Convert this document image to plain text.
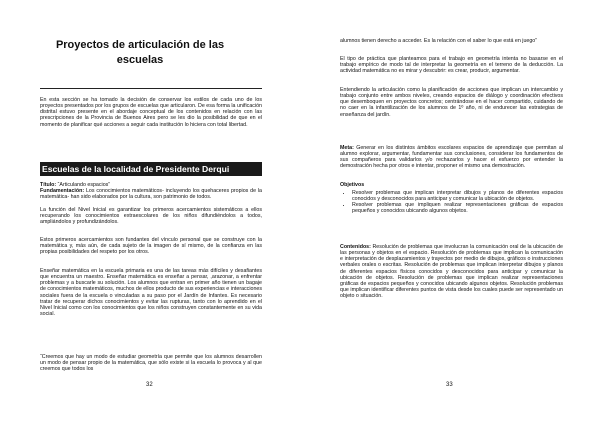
Proyectos de articulación de las escuelas

En esta sección se ha tomado la decisión de conservar los estilos de cada uno de los proyectos presentados por los grupos de escuelas que articularon. De esa forma la unificación distrital estuvo presente en el abordaje conceptual de los contenidos en relación con las prescripciones de la Provincia de Buenos Aires pero se les dio la posibilidad de que en el momento de planificar qué acciones a seguir cada institución lo hiciera con total libertad.

Escuelas de la localidad de Presidente Derqui

Título: “Articulando espacios”

Fundamentación: Los conocimientos matemáticos- incluyendo los quehaceres propios de la matemática- han sido elaborados por la cultura, son patrimonio de todos.

La función del Nivel Inicial es garantizar los primeros acercamientos sistemáticos a ellos recuperando los conocimientos extraescolares de los niños difundiéndolos a todos, ampliándolos y profundizándolos.

Estos primeros acercamientos son fundantes del vínculo personal que se construye con la matemática y, más aún, de cada sujeto de la imagen de sí mismo, de la confianza en las propias posibilidades del respeto por los otros.

Enseñar matemática en la escuela primaria es una de las tareas más difíciles y desafiantes que encuentra un maestro. Enseñar matemática es enseñar a pensar, ,arazonar, a enfrentar problemas y a buscarle su solución. Los alumnos que entran en primer año tienen un bagaje de conocimientos matemáticos, muchos de ellos producto de sus experiencias e interacciones sociales fuera de la escuela o vinculadas a su paso por el Jardín de Infantes. Es necesario tratar de recuperar dichos conocimientos y evitar las rupturas, tanto con lo aprendido en el Nivel Inicial como con los conocimientos que los niños construyen constantemente en su vida social.

“Creemos que hay un modo de estudiar geometría que permite que los alumnos desarrollen un modo de pensar propio de la matemática, que sólo existe si la escuela lo provoca y al que creemos que todos los

32

alumnos tienen derecho a acceder. Es la relación con el saber lo que está en juego”

El tipo de práctica que planteamos para el trabajo en geometría intenta no basarse en el trabajo empírico de modo tal de interpretar la geometría en el terreno de la deducción. La actividad matemática no es mirar y descubrir: es crear, producir, argumentar.

Entendiendo la articulación como la planificación de acciones que implican un intercambio y trabajo conjunto entre ambos niveles, creando espacios de diálogo y coordinación efectivos que desemboquen en proyectos concretos; centrándose en el hacer compartido, cuidando de no caer en la infantilización de los alumnos de 1º año, ni de endurecer las estrategias de enseñanza del jardín.

Meta: Generar en los distintos ámbitos escolares espacios de aprendizaje que permitan al alumno explorar, argumentar, fundamentar sus conclusiones, considerar los fundamentos de sus compañeros para validarlos y/o rechazarlos y hacer el esfuerzo por entender la demostración hecha por otros e intentar, proponer el mismo una demostración.

Objetivos

• Resolver problemas que implican interpretar dibujos y planos de diferentes espacios conocidos y desconocidos para anticipar y comunicar la ubicación de objetos.
• Resolver problemas que impliquen realizar representaciones gráficas de espacios pequeños y conocidos ubicando algunos objetos.

Contenidos: Resolución de problemas que involucran la comunicación oral de la ubicación de las personas y objetos en el espacio. Resolución de problemas que implican la comunicación e interpretación de desplazamientos y trayectos por medio de dibujos, gráficos o instrucciones verbales orales o escritas. Resolución de problemas que implican interpretar dibujos y planos de diferentes espacios físicos conocidos y desconocidos para anticipar y comunicar la ubicación de objetos. Resolución de problemas que implican realizar representaciones gráficas de espacios pequeños y conocidos ubicando algunos objetos. Resolución problemas que implican identificar diferentes puntos de vista desde los cuales puede ser representado un objeto o situación.

33
